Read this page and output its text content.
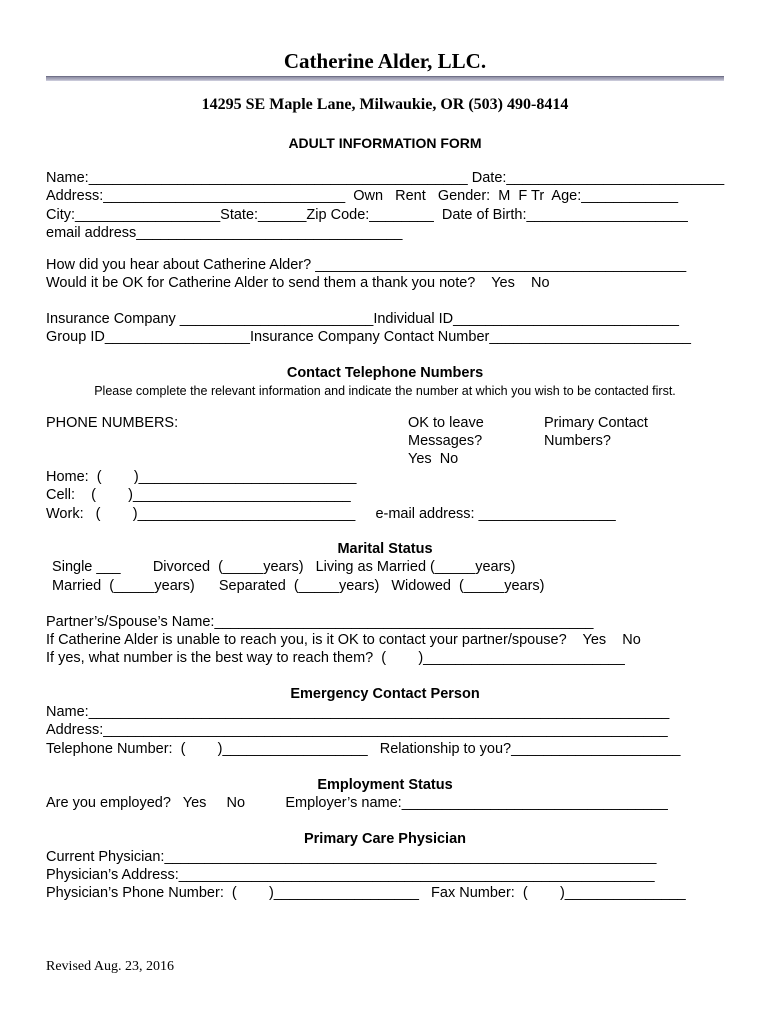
Catherine Alder, LLC.
14295 SE Maple Lane, Milwaukie, OR (503) 490-8414
ADULT INFORMATION FORM
Name:_______________________________________________ Date:___________________________
Address:______________________________  Own   Rent   Gender:  M  F Tr  Age:____________
City:__________________State:______Zip Code:________  Date of Birth:____________________
email address_________________________________
How did you hear about Catherine Alder? ______________________________________________
Would it be OK for Catherine Alder to send them a thank you note?    Yes    No
Insurance Company ________________________Individual ID____________________________
Group ID__________________Insurance Company Contact Number_________________________
Contact Telephone Numbers
Please complete the relevant information and indicate the number at which you wish to be contacted first.
PHONE NUMBERS:	OK to leave
Messages?
Yes  No
Primary Contact
Numbers?
Home:  (        )___________________________
Cell:    (        )___________________________
Work:   (        )___________________________     e-mail address: _________________
Marital Status
Single ___        Divorced  (_____years)   Living as Married (_____years)
Married  (_____years)      Separated  (_____years)   Widowed  (_____years)
Partner’s/Spouse’s Name:_______________________________________________
If Catherine Alder is unable to reach you, is it OK to contact your partner/spouse?    Yes    No
If yes, what number is the best way to reach them?  (        )_________________________
Emergency Contact Person
Name:________________________________________________________________________
Address:______________________________________________________________________
Telephone Number:  (        )__________________   Relationship to you?_____________________
Employment Status
Are you employed?   Yes     No          Employer’s name:_________________________________
Primary Care Physician
Current Physician:_____________________________________________________________
Physician’s Address:___________________________________________________________
Physician’s Phone Number:  (        )__________________   Fax Number:  (        )_______________
Revised Aug. 23, 2016
